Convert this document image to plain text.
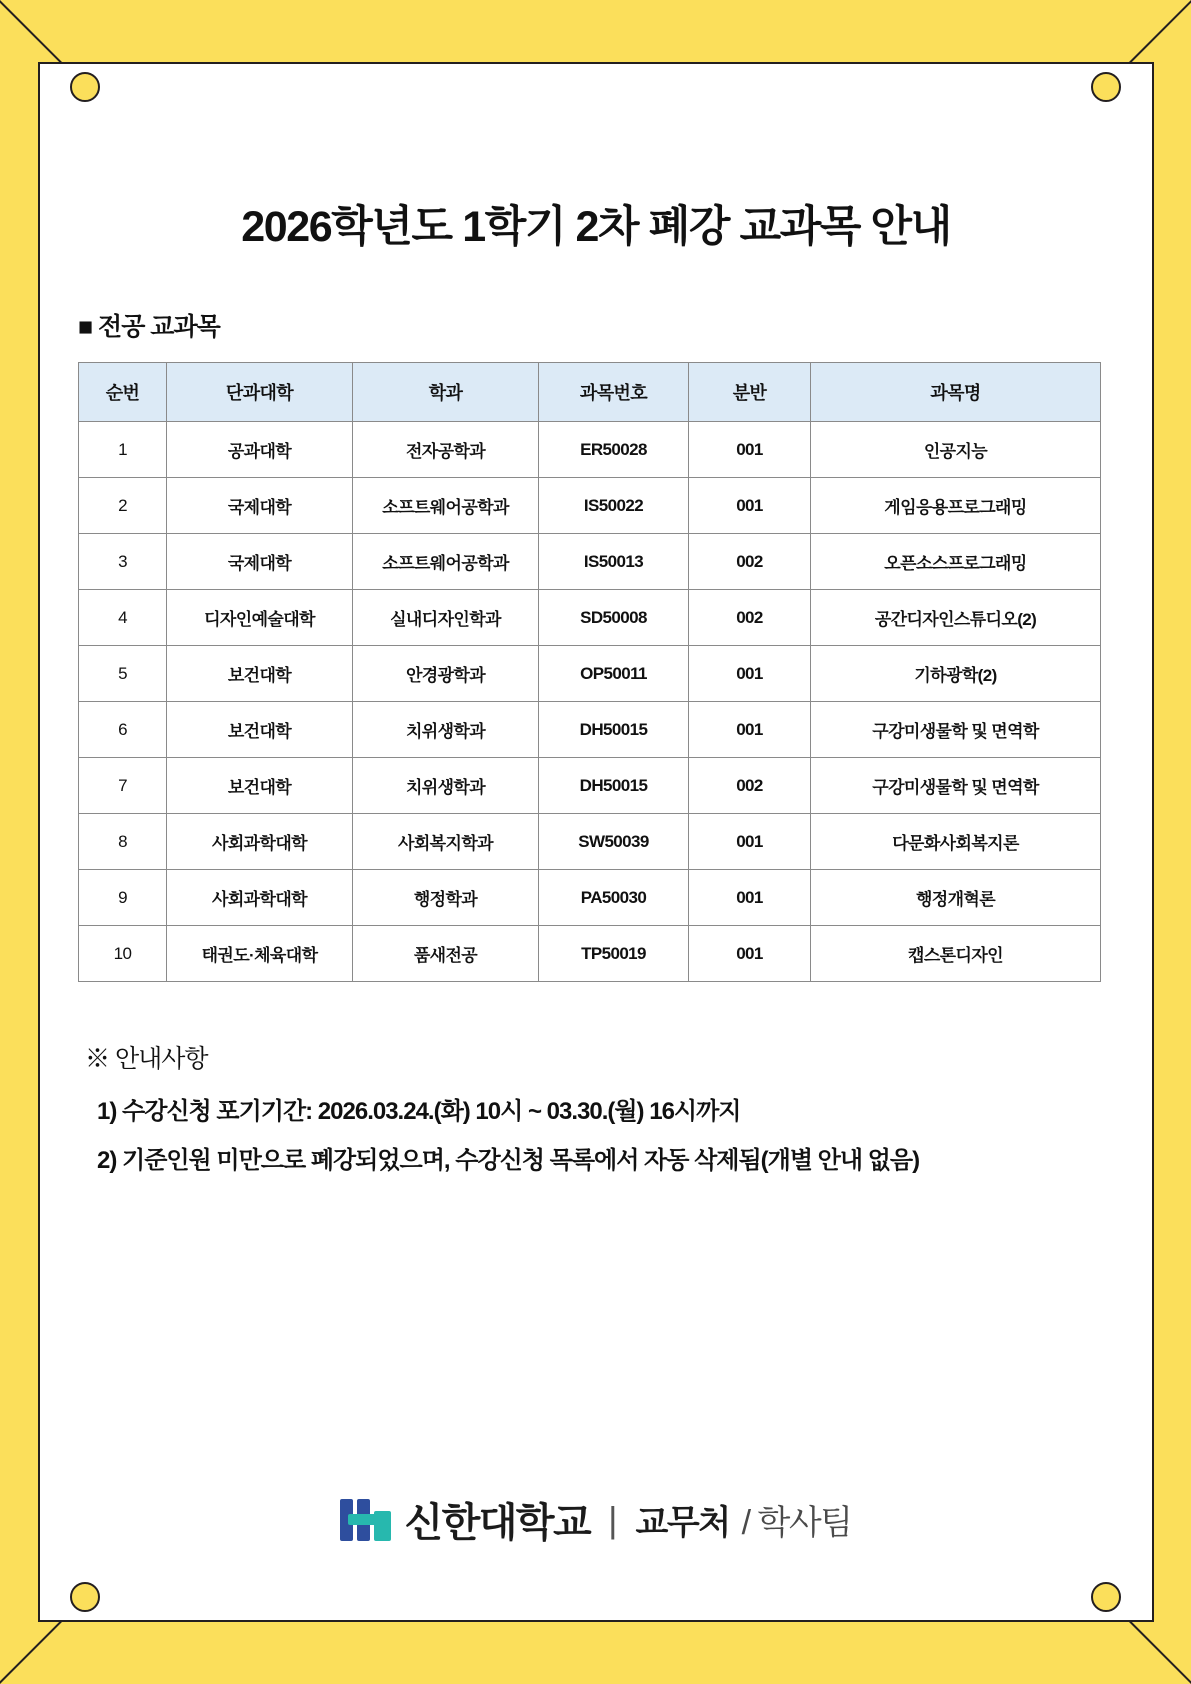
2026학년도 1학기 2차 폐강 교과목 안내
■ 전공 교과목
순번	단과대학	학과	과목번호	분반	과목명
1	공과대학	전자공학과	ER50028	001	인공지능
2	국제대학	소프트웨어공학과	IS50022	001	게임응용프로그래밍
3	국제대학	소프트웨어공학과	IS50013	002	오픈소스프로그래밍
4	디자인예술대학	실내디자인학과	SD50008	002	공간디자인스튜디오(2)
5	보건대학	안경광학과	OP50011	001	기하광학(2)
6	보건대학	치위생학과	DH50015	001	구강미생물학 및 면역학
7	보건대학	치위생학과	DH50015	002	구강미생물학 및 면역학
8	사회과학대학	사회복지학과	SW50039	001	다문화사회복지론
9	사회과학대학	행정학과	PA50030	001	행정개혁론
10	태권도·체육대학	품새전공	TP50019	001	캡스톤디자인
※ 안내사항
1) 수강신청 포기기간: 2026.03.24.(화) 10시 ~ 03.30.(월) 16시까지
2) 기준인원 미만으로 폐강되었으며, 수강신청 목록에서 자동 삭제됨(개별 안내 없음)
신한대학교 | 교무처 / 학사팀
